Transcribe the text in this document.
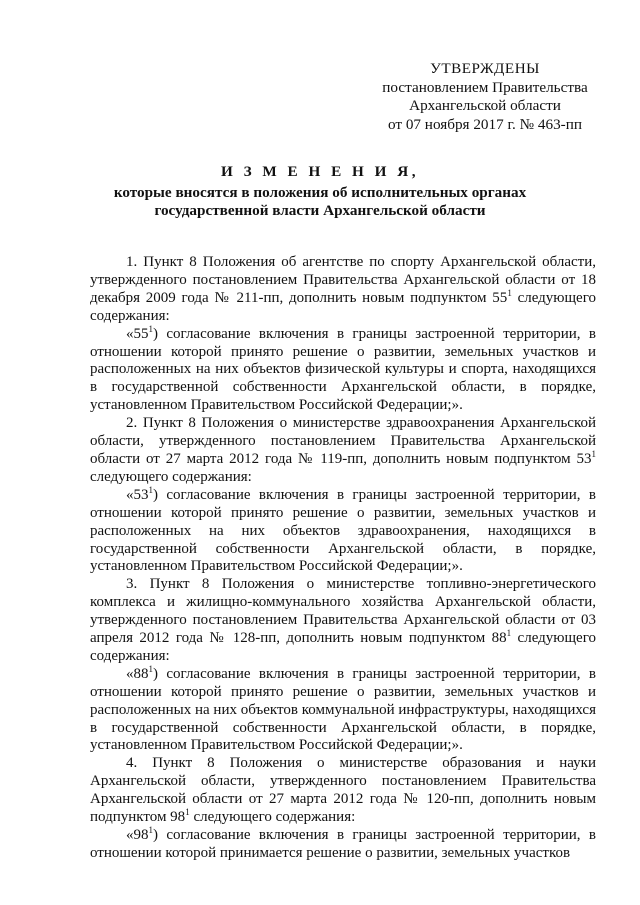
УТВЕРЖДЕНЫ
постановлением Правительства
Архангельской области
от 07 ноября 2017 г. № 463-пп
И З М Е Н Е Н И Я,
которые вносятся в положения об исполнительных органах
государственной власти Архангельской области

1. Пункт 8 Положения об агентстве по спорту Архангельской области, утвержденного постановлением Правительства Архангельской области от 18 декабря 2009 года № 211-пп, дополнить новым подпунктом $55^1$ следующего содержания:

«$55^1$) согласование включения в границы застроенной территории, в отношении которой принято решение о развитии, земельных участков и расположенных на них объектов физической культуры и спорта, находящихся в государственной собственности Архангельской области, в порядке, установленном Правительством Российской Федерации;».

2. Пункт 8 Положения о министерстве здравоохранения Архангельской области, утвержденного постановлением Правительства Архангельской области от 27 марта 2012 года № 119-пп, дополнить новым подпунктом $53^1$ следующего содержания:

«$53^1$) согласование включения в границы застроенной территории, в отношении которой принято решение о развитии, земельных участков и расположенных на них объектов здравоохранения, находящихся в государственной собственности Архангельской области, в порядке, установленном Правительством Российской Федерации;».

3. Пункт 8 Положения о министерстве топливно-энергетического комплекса и жилищно-коммунального хозяйства Архангельской области, утвержденного постановлением Правительства Архангельской области от 03 апреля 2012 года № 128-пп, дополнить новым подпунктом $88^1$ следующего содержания:

«$88^1$) согласование включения в границы застроенной территории, в отношении которой принято решение о развитии, земельных участков и расположенных на них объектов коммунальной инфраструктуры, находящихся в государственной собственности Архангельской области, в порядке, установленном Правительством Российской Федерации;».

4. Пункт 8 Положения о министерстве образования и науки Архангельской области, утвержденного постановлением Правительства Архангельской области от 27 марта 2012 года № 120-пп, дополнить новым подпунктом $98^1$ следующего содержания:

«$98^1$) согласование включения в границы застроенной территории, в отношении которой принимается решение о развитии, земельных участков
